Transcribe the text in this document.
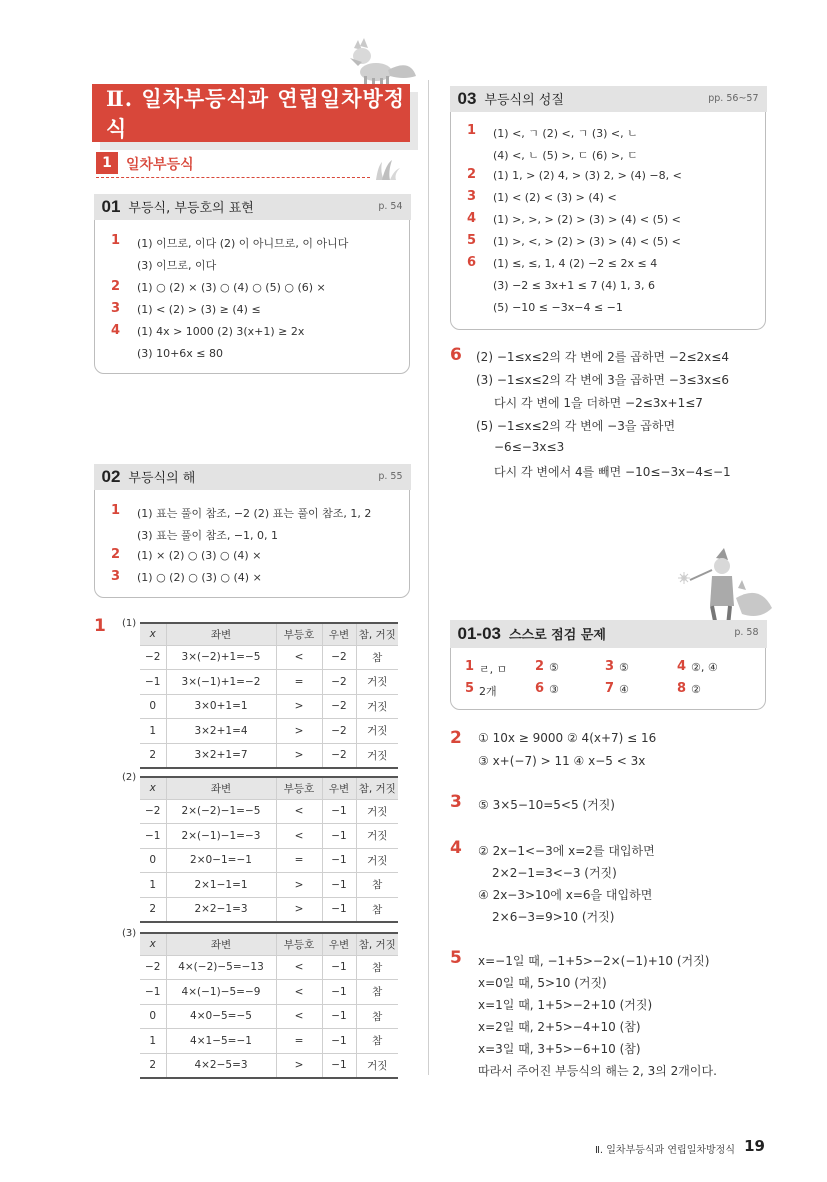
Ⅱ. 일차부등식과 연립일차방정식
1	일차부등식
01 부등식, 부등호의 표현	p. 54
1 (1) 이므로, 이다 (2) 이 아니므로, 이 아니다
(3) 이므로, 이다
2 (1) ○ (2) × (3) ○ (4) ○ (5) ○ (6) ×
3 (1) < (2) > (3) ≥ (4) ≤
4 (1) 4x > 1000 (2) 3(x+1) ≥ 2x
(3) 10+6x ≤ 80
02 부등식의 해	p. 55
1 (1) 표는 풀이 참조, −2 (2) 표는 풀이 참조, 1, 2
(3) 표는 풀이 참조, −1, 0, 1
2 (1) × (2) ○ (3) ○ (4) ×
3 (1) ○ (2) ○ (3) ○ (4) ×
1 (1)
x	좌변	부등호	우변	참, 거짓
−2	3×(−2)+1=−5	<	−2	참
−1	3×(−1)+1=−2	=	−2	거짓
0	3×0+1=1	>	−2	거짓
1	3×2+1=4	>	−2	거짓
2	3×2+1=7	>	−2	거짓
(2)
x	좌변	부등호	우변	참, 거짓
−2	2×(−2)−1=−5	<	−1	거짓
−1	2×(−1)−1=−3	<	−1	거짓
0	2×0−1=−1	=	−1	거짓
1	2×1−1=1	>	−1	참
2	2×2−1=3	>	−1	참
(3)
x	좌변	부등호	우변	참, 거짓
−2	4×(−2)−5=−13	<	−1	참
−1	4×(−1)−5=−9	<	−1	참
0	4×0−5=−5	<	−1	참
1	4×1−5=−1	=	−1	참
2	4×2−5=3	>	−1	거짓
03 부등식의 성질	pp. 56~57
1 (1) <, ㄱ (2) <, ㄱ (3) <, ㄴ
(4) <, ㄴ (5) >, ㄷ (6) >, ㄷ
2 (1) 1, > (2) 4, > (3) 2, > (4) −8, <
3 (1) < (2) < (3) > (4) <
4 (1) >, >, > (2) > (3) > (4) < (5) <
5 (1) >, <, > (2) > (3) > (4) < (5) <
6 (1) ≤, ≤, 1, 4 (2) −2 ≤ 2x ≤ 4
(3) −2 ≤ 3x+1 ≤ 7 (4) 1, 3, 6
(5) −10 ≤ −3x−4 ≤ −1
6 (2) −1≤x≤2의 각 변에 2를 곱하면 −2≤2x≤4
(3) −1≤x≤2의 각 변에 3을 곱하면 −3≤3x≤6
다시 각 변에 1을 더하면 −2≤3x+1≤7
(5) −1≤x≤2의 각 변에 −3을 곱하면
−6≤−3x≤3
다시 각 변에서 4를 빼면 −10≤−3x−4≤−1
01-03 스스로 점검 문제	p. 58
1 ㄹ, ㅁ 2 ⑤	3 ⑤	4 ②, ④
5 2개	6 ③	7 ④	8 ②
2 ① 10x ≥ 9000 ② 4(x+7) ≤ 16
③ x+(−7) > 11 ④ x−5 < 3x
3 ⑤ 3×5−10=5<5 (거짓)
4 ② 2x−1<−3에 x=2를 대입하면
2×2−1=3<−3 (거짓)
④ 2x−3>10에 x=6을 대입하면
2×6−3=9>10 (거짓)
5 x=−1일 때, −1+5>−2×(−1)+10 (거짓)
x=0일 때, 5>10 (거짓)
x=1일 때, 1+5>−2+10 (거짓)
x=2일 때, 2+5>−4+10 (참)
x=3일 때, 3+5>−6+10 (참)
따라서 주어진 부등식의 해는 2, 3의 2개이다.
Ⅱ. 일차부등식과 연립일차방정식 19
